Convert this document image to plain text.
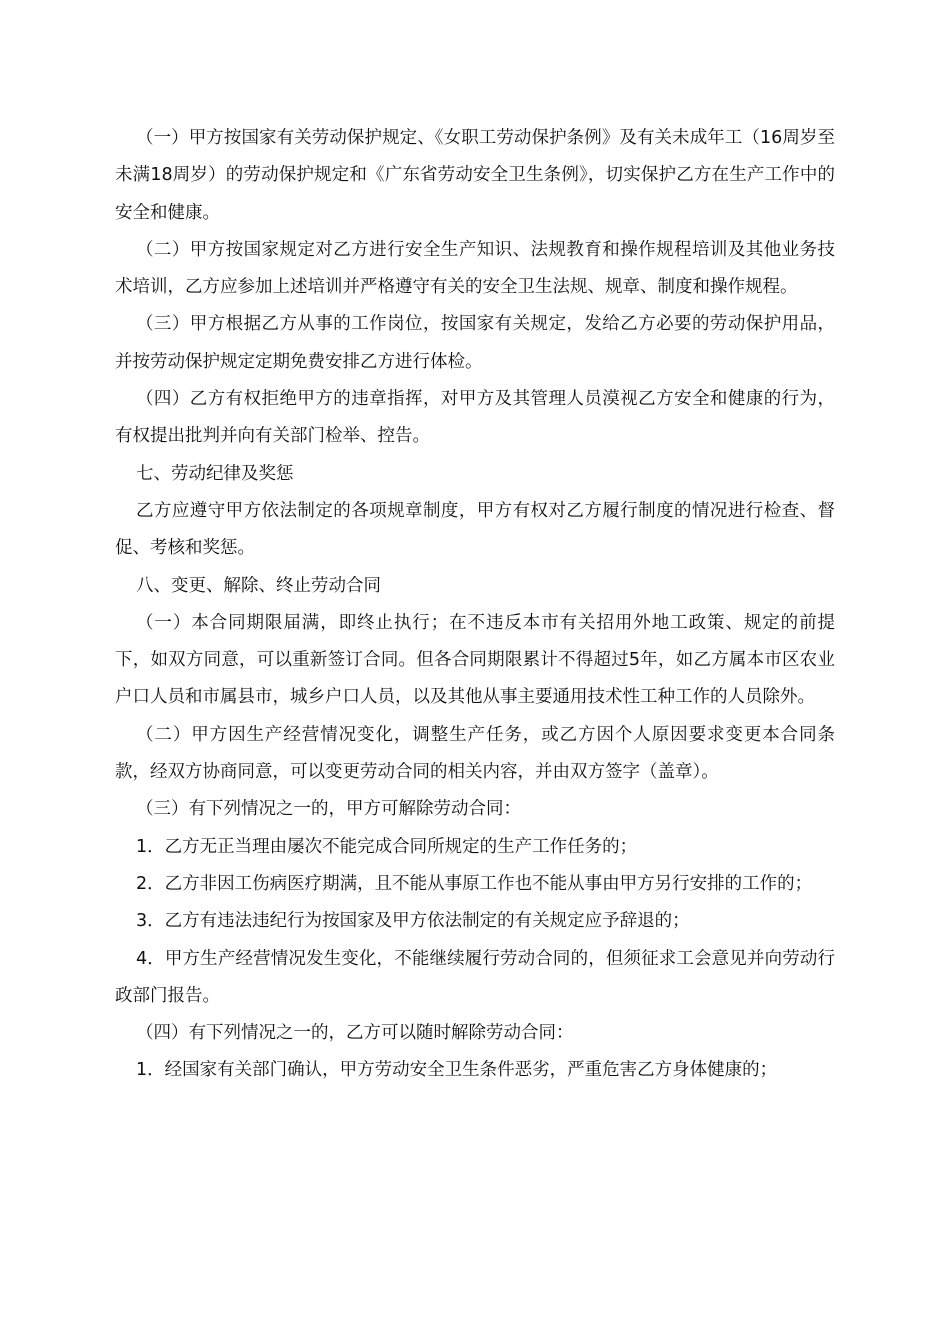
（一）甲方按国家有关劳动保护规定、《女职工劳动保护条例》及有关未成年工（16周岁至未满18周岁）的劳动保护规定和《广东省劳动安全卫生条例》，切实保护乙方在生产工作中的安全和健康。

（二）甲方按国家规定对乙方进行安全生产知识、法规教育和操作规程培训及其他业务技术培训，乙方应参加上述培训并严格遵守有关的安全卫生法规、规章、制度和操作规程。

（三）甲方根据乙方从事的工作岗位，按国家有关规定，发给乙方必要的劳动保护用品，并按劳动保护规定定期免费安排乙方进行体检。

（四）乙方有权拒绝甲方的违章指挥，对甲方及其管理人员漠视乙方安全和健康的行为，有权提出批判并向有关部门检举、控告。

七、劳动纪律及奖惩

乙方应遵守甲方依法制定的各项规章制度，甲方有权对乙方履行制度的情况进行检查、督促、考核和奖惩。

八、变更、解除、终止劳动合同

（一）本合同期限届满，即终止执行；在不违反本市有关招用外地工政策、规定的前提下，如双方同意，可以重新签订合同。但各合同期限累计不得超过5年，如乙方属本市区农业户口人员和市属县市，城乡户口人员，以及其他从事主要通用技术性工种工作的人员除外。

（二）甲方因生产经营情况变化，调整生产任务，或乙方因个人原因要求变更本合同条款，经双方协商同意，可以变更劳动合同的相关内容，并由双方签字（盖章）。

（三）有下列情况之一的，甲方可解除劳动合同：

1．乙方无正当理由屡次不能完成合同所规定的生产工作任务的；

2．乙方非因工伤病医疗期满，且不能从事原工作也不能从事由甲方另行安排的工作的；

3．乙方有违法违纪行为按国家及甲方依法制定的有关规定应予辞退的；

4．甲方生产经营情况发生变化，不能继续履行劳动合同的，但须征求工会意见并向劳动行政部门报告。

（四）有下列情况之一的，乙方可以随时解除劳动合同：

1．经国家有关部门确认，甲方劳动安全卫生条件恶劣，严重危害乙方身体健康的；
